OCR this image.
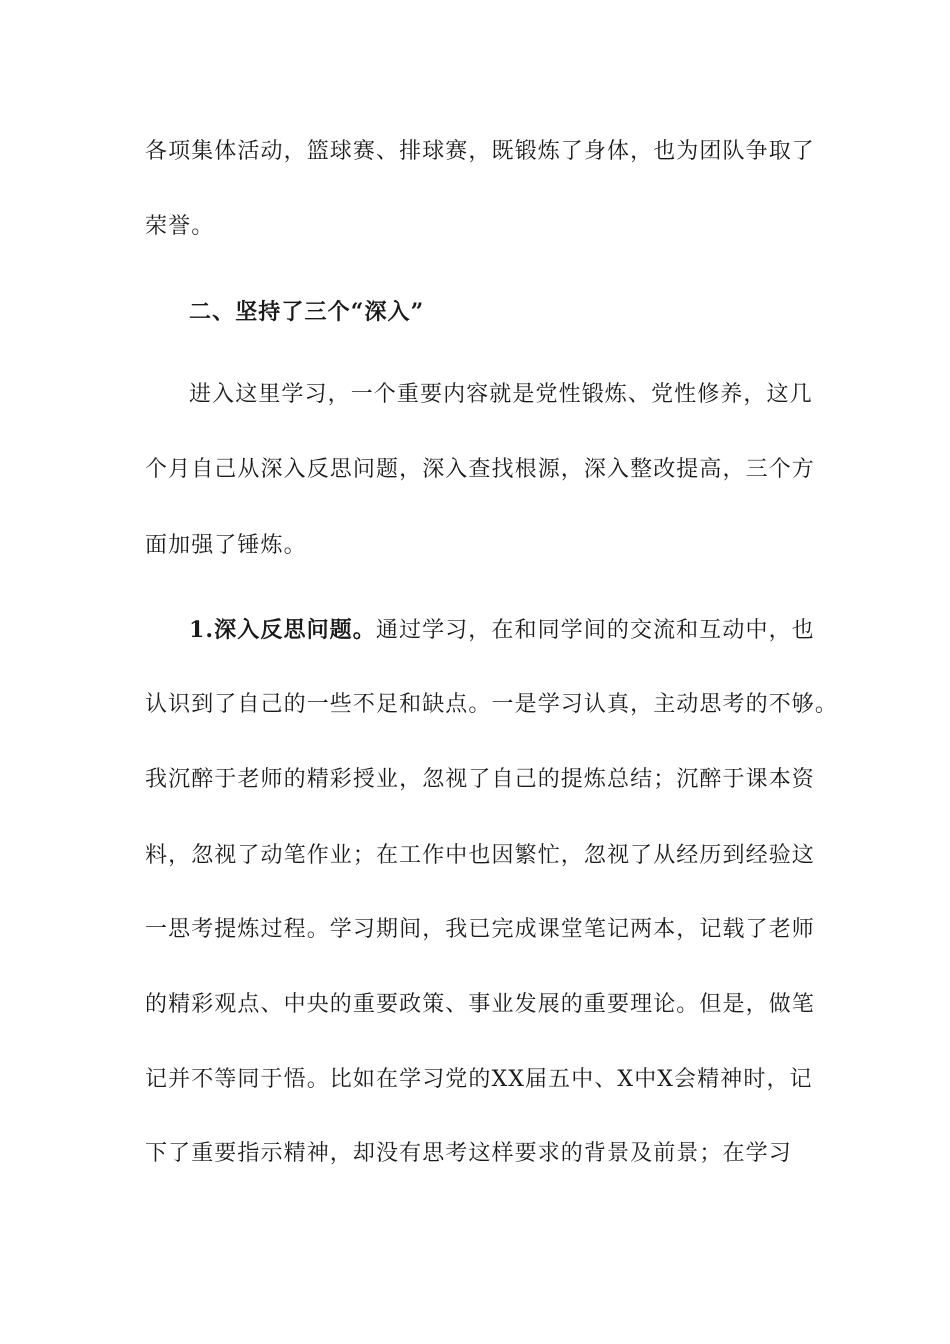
各项集体活动，篮球赛、排球赛，既锻炼了身体，也为团队争取了
荣誉。
二、坚持了三个“深入”
进入这里学习，一个重要内容就是党性锻炼、党性修养，这几
个月自己从深入反思问题，深入查找根源，深入整改提高，三个方
面加强了锤炼。
1.深入反思问题。通过学习，在和同学间的交流和互动中，也
认识到了自己的一些不足和缺点。一是学习认真，主动思考的不够。
我沉醉于老师的精彩授业，忽视了自己的提炼总结；沉醉于课本资
料，忽视了动笔作业；在工作中也因繁忙，忽视了从经历到经验这
一思考提炼过程。学习期间，我已完成课堂笔记两本，记载了老师
的精彩观点、中央的重要政策、事业发展的重要理论。但是，做笔
记并不等同于悟。比如在学习党的XX届五中、X中X会精神时，记
下了重要指示精神，却没有思考这样要求的背景及前景；在学习
